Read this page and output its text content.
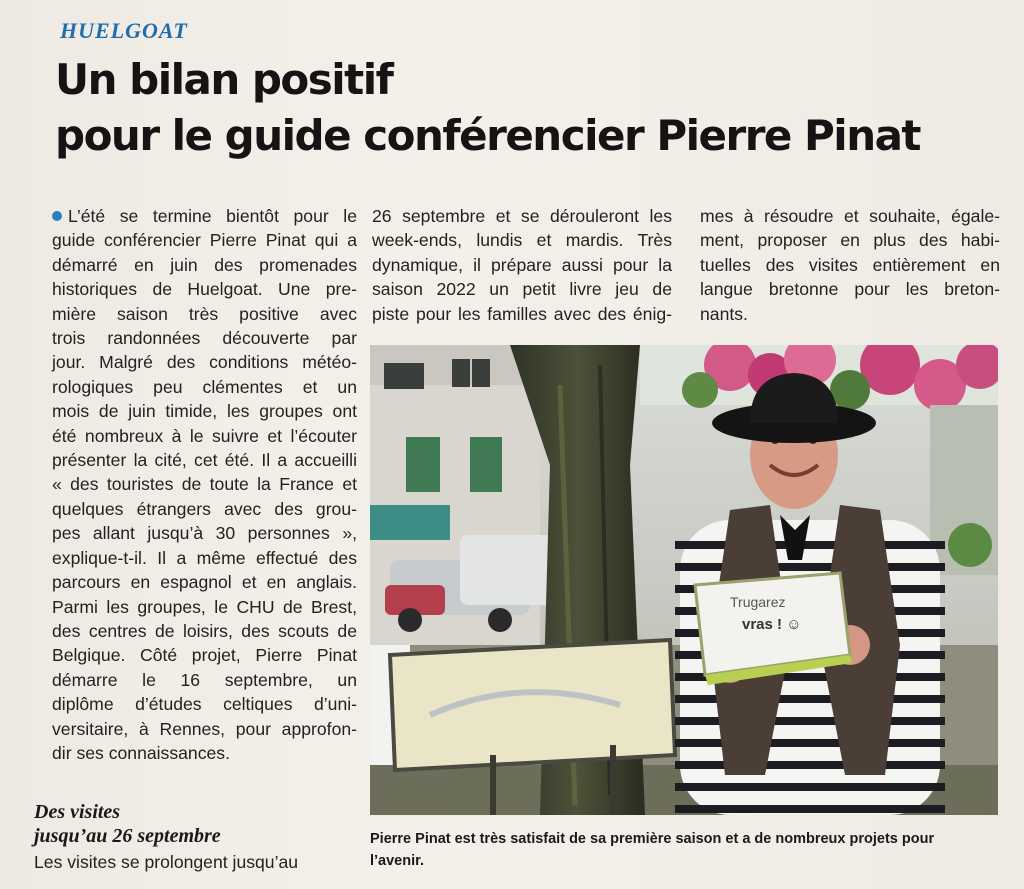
HUELGOAT
Un bilan positif
pour le guide conférencier Pierre Pinat
L’été se termine bientôt pour le
guide conférencier Pierre Pinat qui a
démarré en juin des promenades
historiques de Huelgoat. Une pre-
mière saison très positive avec
trois randonnées découverte par
jour. Malgré des conditions météo-
rologiques peu clémentes et un
mois de juin timide, les groupes ont
été nombreux à le suivre et l’écouter
présenter la cité, cet été. Il a accueilli
« des touristes de toute la France et
quelques étrangers avec des grou-
pes allant jusqu’à 30 personnes »,
explique-t-il. Il a même effectué des
parcours en espagnol et en anglais.
Parmi les groupes, le CHU de Brest,
des centres de loisirs, des scouts de
Belgique. Côté projet, Pierre Pinat
démarre le 16 septembre, un
diplôme d’études celtiques d’uni-
versitaire, à Rennes, pour approfon-
dir ses connaissances.
Des visites
jusqu’au 26 septembre
Les visites se prolongent jusqu’au
26 septembre et se dérouleront les
week-ends, lundis et mardis. Très
dynamique, il prépare aussi pour la
saison 2022 un petit livre jeu de
piste pour les familles avec des énig-
mes à résoudre et souhaite, égale-
ment, proposer en plus des habi-
tuelles des visites entièrement en
langue bretonne pour les breton-
nants.
Trugarez
vras ! ☺
Pierre Pinat est très satisfait de sa première saison et a de nombreux projets pour
l’avenir.
